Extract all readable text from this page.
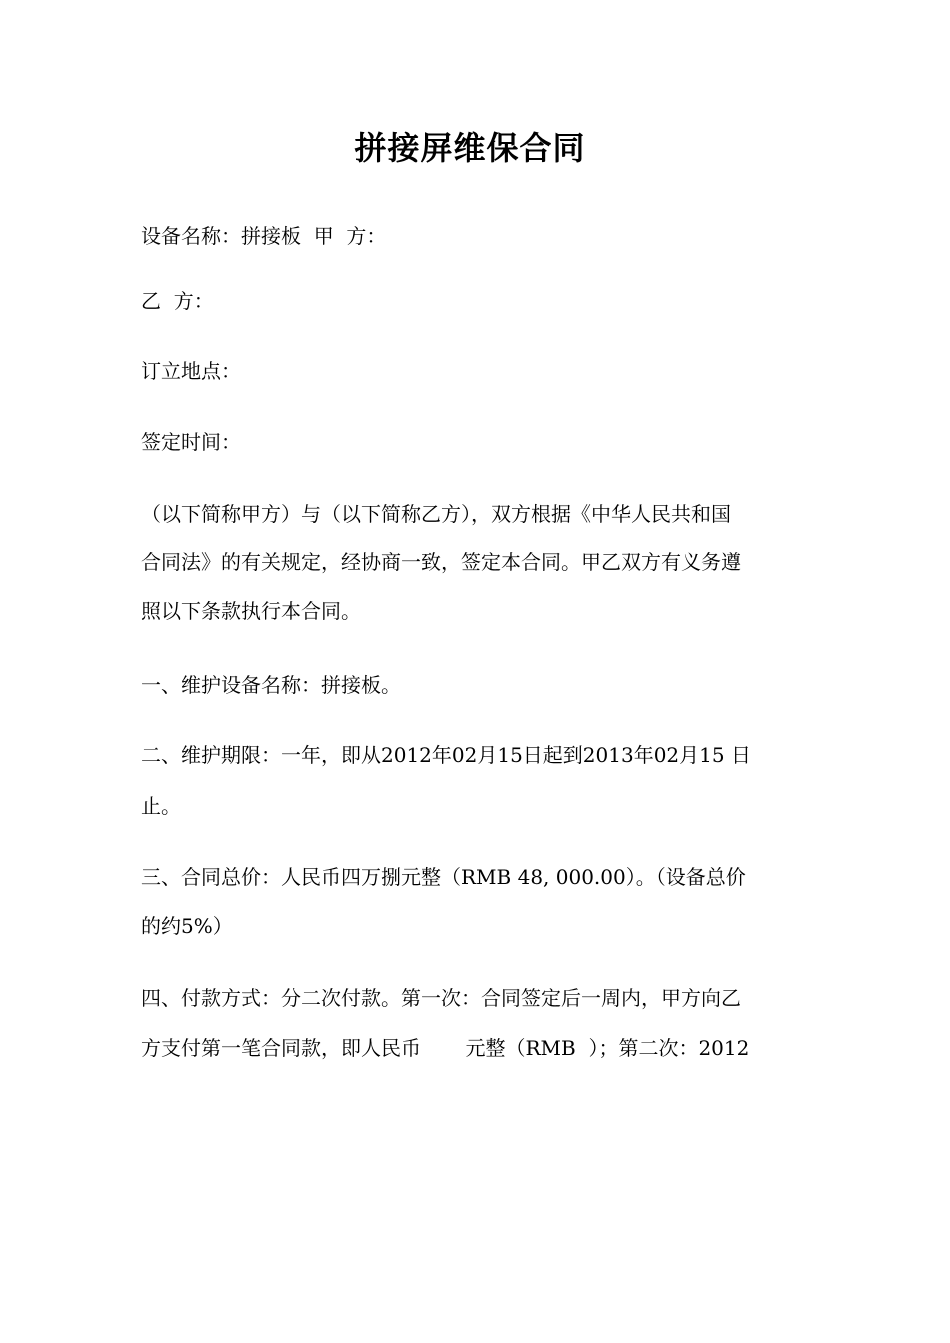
拼接屏维保合同
设备名称：拼接板  甲  方：
乙  方：
订立地点：
签定时间：
（以下简称甲方）与（以下简称乙方），双方根据《中华人民共和国
合同法》的有关规定，经协商一致，签定本合同。甲乙双方有义务遵
照以下条款执行本合同。
一、维护设备名称：拼接板。
二、维护期限：一年，即从2012年02月15日起到2013年02月15 日
止。
三、合同总价：人民币四万捌元整（RMB 48, 000.00）。（设备总价
的约5%）
四、付款方式：分二次付款。第一次：合同签定后一周内，甲方向乙
方支付第一笔合同款，即人民币       元整（RMB  ）；第二次：2012
